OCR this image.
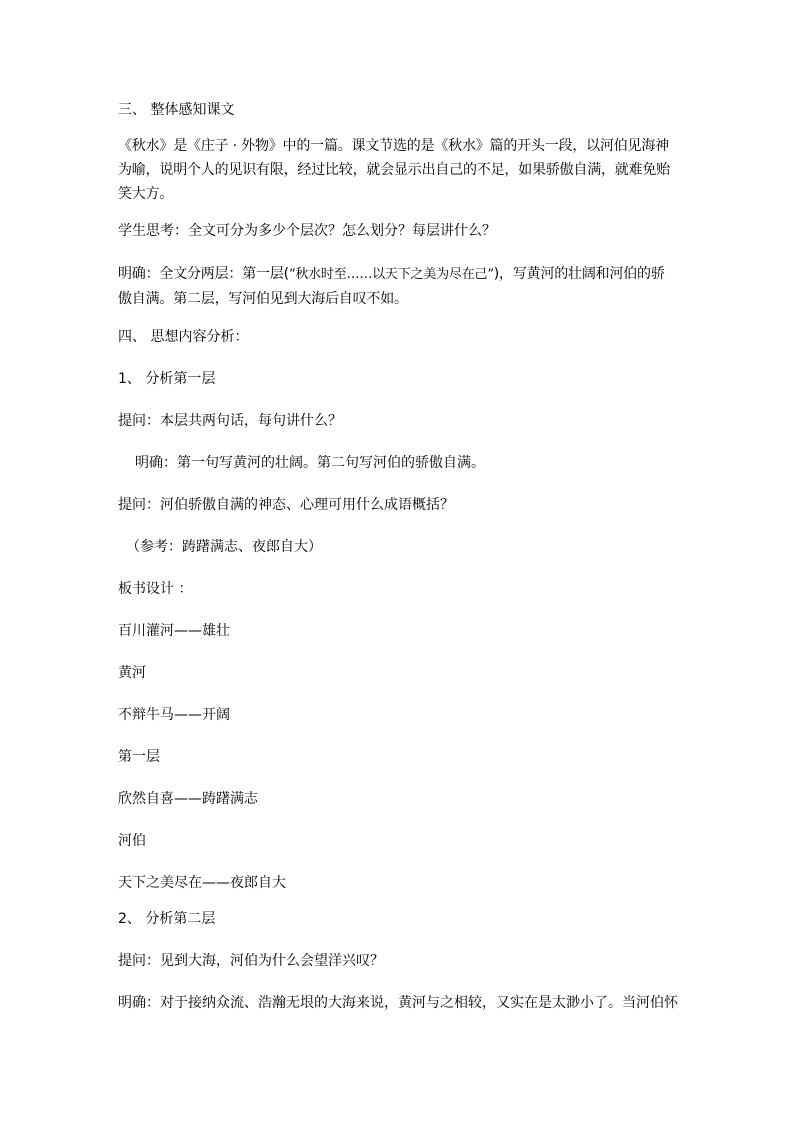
三、 整体感知课文
《秋水》是《庄子 · 外物》中的一篇。课文节选的是《秋水》篇的开头一段，以河伯见海神为喻，说明个人的见识有限，经过比较，就会显示出自己的不足，如果骄傲自满，就难免贻笑大方。
学生思考：全文可分为多少个层次？怎么划分？每层讲什么？
明确：全文分两层：第一层(“秋水时至……以天下之美为尽在己”)，写黄河的壮阔和河伯的骄傲自满。第二层，写河伯见到大海后自叹不如。
四、 思想内容分析：
1、 分析第一层
提问：本层共两句话，每句讲什么？
明确：第一句写黄河的壮阔。第二句写河伯的骄傲自满。
提问：河伯骄傲自满的神态、心理可用什么成语概括？
（参考：踌躇满志、夜郎自大）
板书设计 ：
百川灌河——雄壮
黄河
不辩牛马——开阔
第一层
欣然自喜——踌躇满志
河伯
天下之美尽在——夜郎自大
2、 分析第二层
提问：见到大海，河伯为什么会望洋兴叹？
明确：对于接纳众流、浩瀚无垠的大海来说，黄河与之相较，又实在是太渺小了。当河伯怀
